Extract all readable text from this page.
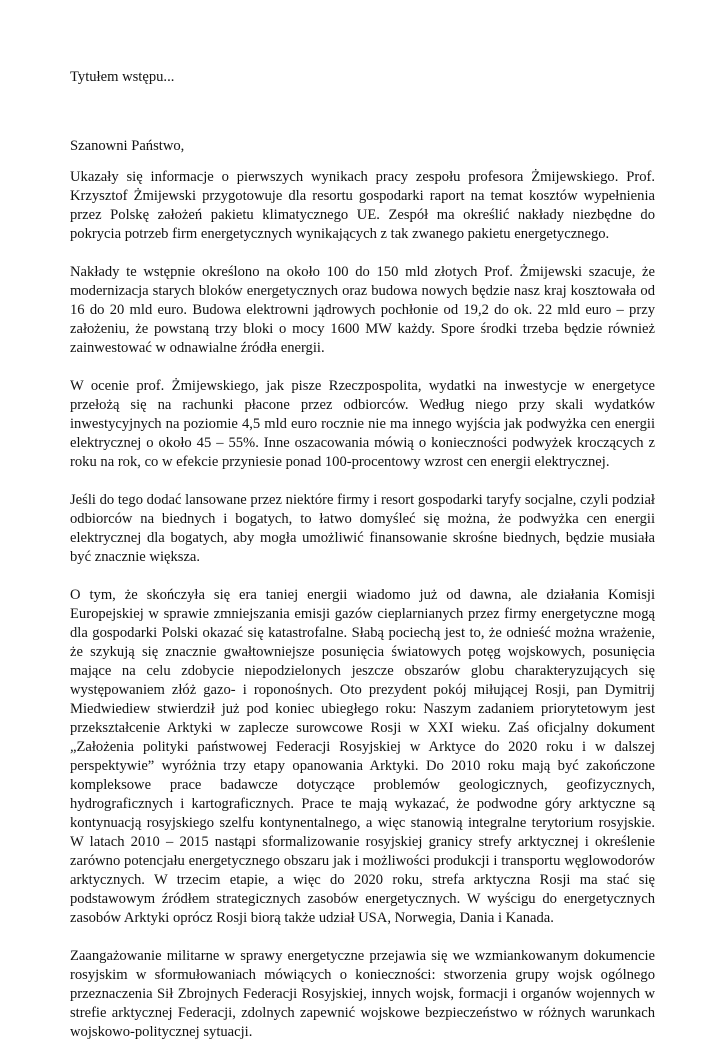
Tytułem wstępu...

Szanowni Państwo,

Ukazały się informacje o pierwszych wynikach pracy zespołu profesora Żmijewskiego. Prof. Krzysztof Żmijewski przygotowuje dla resortu gospodarki raport na temat kosztów wypełnienia przez Polskę założeń pakietu klimatycznego UE. Zespół ma określić nakłady niezbędne do pokrycia potrzeb firm energetycznych wynikających z tak zwanego pakietu energetycznego.

Nakłady te wstępnie określono na około 100 do 150 mld złotych Prof. Żmijewski szacuje, że modernizacja starych bloków energetycznych oraz budowa nowych będzie nasz kraj kosztowała od 16 do 20 mld euro. Budowa elektrowni jądrowych pochłonie od 19,2 do ok. 22 mld euro – przy założeniu, że powstaną trzy bloki o mocy 1600 MW każdy. Spore środki trzeba będzie również zainwestować w odnawialne źródła energii.

W ocenie prof. Żmijewskiego, jak pisze Rzeczpospolita, wydatki na inwestycje w energetyce przełożą się na rachunki płacone przez odbiorców. Według niego przy skali wydatków inwestycyjnych na poziomie 4,5 mld euro rocznie nie ma innego wyjścia jak podwyżka cen energii elektrycznej o około 45 – 55%. Inne oszacowania mówią o konieczności podwyżek kroczących z roku na rok, co w efekcie przyniesie ponad 100-procentowy wzrost cen energii elektrycznej.

Jeśli do tego dodać lansowane przez niektóre firmy i resort gospodarki taryfy socjalne, czyli podział odbiorców na biednych i bogatych, to łatwo domyśleć się można, że podwyżka cen energii elektrycznej dla bogatych, aby mogła umożliwić finansowanie skrośne biednych, będzie musiała być znacznie większa.

O tym, że skończyła się era taniej energii wiadomo już od dawna, ale działania Komisji Europejskiej w sprawie zmniejszania emisji gazów cieplarnianych przez firmy energetyczne mogą dla gospodarki Polski okazać się katastrofalne. Słabą pociechą jest to, że odnieść można wrażenie, że szykują się znacznie gwałtowniejsze posunięcia światowych potęg wojskowych, posunięcia mające na celu zdobycie niepodzielonych jeszcze obszarów globu charakteryzujących się występowaniem złóż gazo- i roponośnych. Oto prezydent pokój miłującej Rosji, pan Dymitrij Miedwiediew stwierdził już pod koniec ubiegłego roku: Naszym zadaniem priorytetowym jest przekształcenie Arktyki w zaplecze surowcowe Rosji w XXI wieku. Zaś oficjalny dokument „Założenia polityki państwowej Federacji Rosyjskiej w Arktyce do 2020 roku i w dalszej perspektywie” wyróżnia trzy etapy opanowania Arktyki. Do 2010 roku mają być zakończone kompleksowe prace badawcze dotyczące problemów geologicznych, geofizycznych, hydrograficznych i kartograficznych. Prace te mają wykazać, że podwodne góry arktyczne są kontynuacją rosyjskiego szelfu kontynentalnego, a więc stanowią integralne terytorium rosyjskie. W latach 2010 – 2015 nastąpi sformalizowanie rosyjskiej granicy strefy arktycznej i określenie zarówno potencjału energetycznego obszaru jak i możliwości produkcji i transportu węglowodorów arktycznych. W trzecim etapie, a więc do 2020 roku, strefa arktyczna Rosji ma stać się podstawowym źródłem strategicznych zasobów energetycznych. W wyścigu do energetycznych zasobów Arktyki oprócz Rosji biorą także udział USA, Norwegia, Dania i Kanada.

Zaangażowanie militarne w sprawy energetyczne przejawia się we wzmiankowanym dokumencie rosyjskim w sformułowaniach mówiących o konieczności: stworzenia grupy wojsk ogólnego przeznaczenia Sił Zbrojnych Federacji Rosyjskiej, innych wojsk, formacji i organów wojennych w strefie arktycznej Federacji, zdolnych zapewnić wojskowe bezpieczeństwo w różnych warunkach wojskowo-politycznej sytuacji.
